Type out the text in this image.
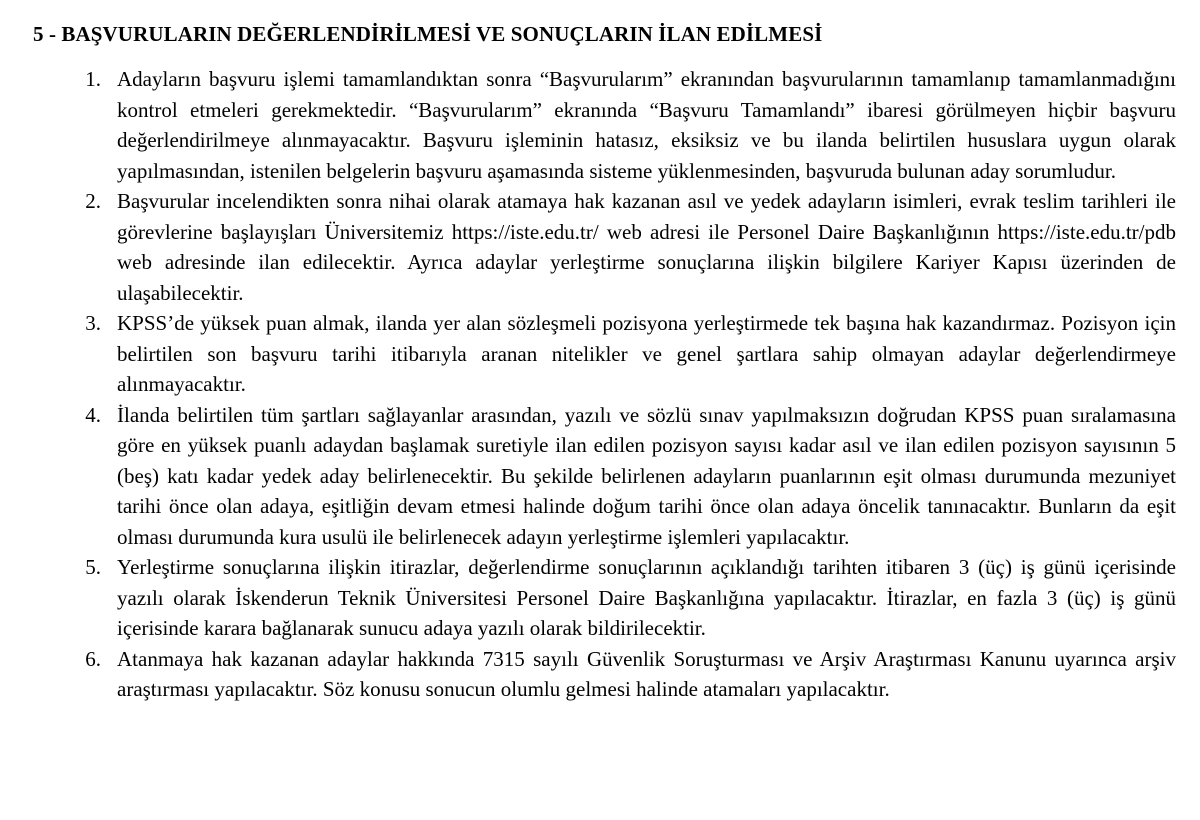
5 - BAŞVURULARIN DEĞERLENDİRİLMESİ VE SONUÇLARIN İLAN EDİLMESİ
1. Adayların başvuru işlemi tamamlandıktan sonra “Başvurularım” ekranından başvurularının tamamlanıp tamamlanmadığını kontrol etmeleri gerekmektedir. “Başvurularım” ekranında “Başvuru Tamamlandı” ibaresi görülmeyen hiçbir başvuru değerlendirilmeye alınmayacaktır. Başvuru işleminin hatasız, eksiksiz ve bu ilanda belirtilen hususlara uygun olarak yapılmasından, istenilen belgelerin başvuru aşamasında sisteme yüklenmesinden, başvuruda bulunan aday sorumludur.
2. Başvurular incelendikten sonra nihai olarak atamaya hak kazanan asıl ve yedek adayların isimleri, evrak teslim tarihleri ile görevlerine başlayışları Üniversitemiz https://iste.edu.tr/ web adresi ile Personel Daire Başkanlığının https://iste.edu.tr/pdb web adresinde ilan edilecektir. Ayrıca adaylar yerleştirme sonuçlarına ilişkin bilgilere Kariyer Kapısı üzerinden de ulaşabilecektir.
3. KPSS’de yüksek puan almak, ilanda yer alan sözleşmeli pozisyona yerleştirmede tek başına hak kazandırmaz. Pozisyon için belirtilen son başvuru tarihi itibarıyla aranan nitelikler ve genel şartlara sahip olmayan adaylar değerlendirmeye alınmayacaktır.
4. İlanda belirtilen tüm şartları sağlayanlar arasından, yazılı ve sözlü sınav yapılmaksızın doğrudan KPSS puan sıralamasına göre en yüksek puanlı adaydan başlamak suretiyle ilan edilen pozisyon sayısı kadar asıl ve ilan edilen pozisyon sayısının 5 (beş) katı kadar yedek aday belirlenecektir. Bu şekilde belirlenen adayların puanlarının eşit olması durumunda mezuniyet tarihi önce olan adaya, eşitliğin devam etmesi halinde doğum tarihi önce olan adaya öncelik tanınacaktır. Bunların da eşit olması durumunda kura usulü ile belirlenecek adayın yerleştirme işlemleri yapılacaktır.
5. Yerleştirme sonuçlarına ilişkin itirazlar, değerlendirme sonuçlarının açıklandığı tarihten itibaren 3 (üç) iş günü içerisinde yazılı olarak İskenderun Teknik Üniversitesi Personel Daire Başkanlığına yapılacaktır. İtirazlar, en fazla 3 (üç) iş günü içerisinde karara bağlanarak sunucu adaya yazılı olarak bildirilecektir.
6. Atanmaya hak kazanan adaylar hakkında 7315 sayılı Güvenlik Soruşturması ve Arşiv Araştırması Kanunu uyarınca arşiv araştırması yapılacaktır. Söz konusu sonucun olumlu gelmesi halinde atamaları yapılacaktır.
